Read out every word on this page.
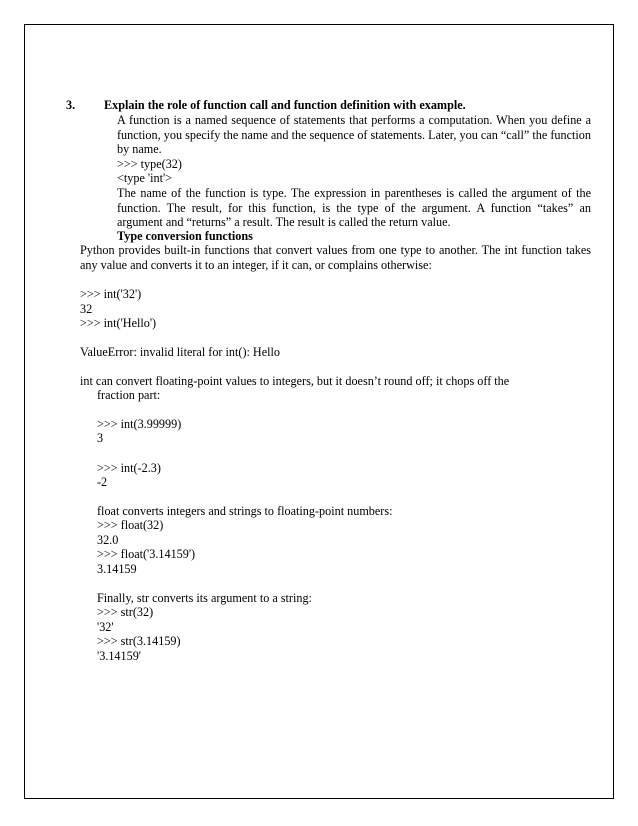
3. Explain the role of function call and function definition with example.
A function is a named sequence of statements that performs a computation. When you define a function, you specify the name and the sequence of statements. Later, you can “call” the function by name.
>>> type(32)
<type 'int'>
The name of the function is type. The expression in parentheses is called the argument of the function. The result, for this function, is the type of the argument. A function “takes” an argument and “returns” a result. The result is called the return value.
Type conversion functions
Python provides built-in functions that convert values from one type to another. The int function takes any value and converts it to an integer, if it can, or complains otherwise:
>>> int('32')
32
>>> int('Hello')
ValueError: invalid literal for int(): Hello
int can convert floating-point values to integers, but it doesn’t round off; it chops off the
fraction part:
>>> int(3.99999)
3
>>> int(-2.3)
-2
float converts integers and strings to floating-point numbers:
>>> float(32)
32.0
>>> float('3.14159')
3.14159
Finally, str converts its argument to a string:
>>> str(32)
'32'
>>> str(3.14159)
'3.14159'
